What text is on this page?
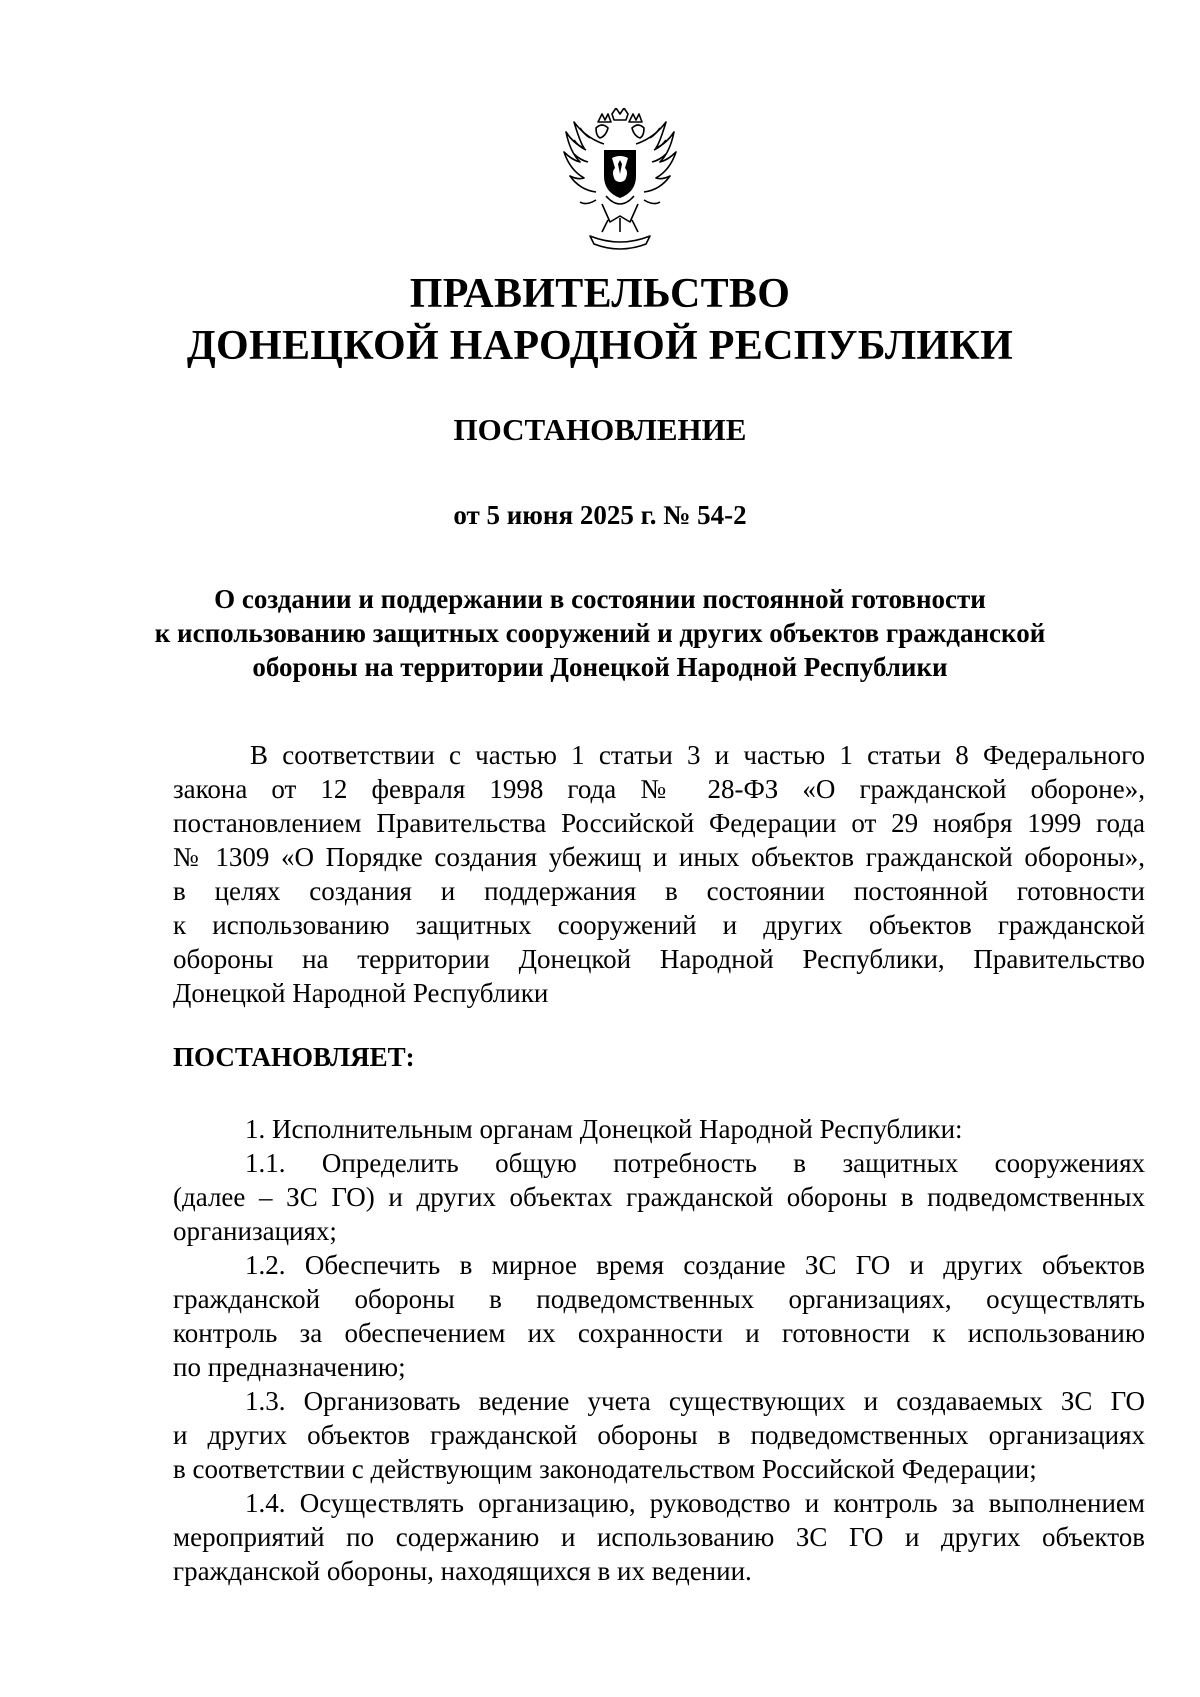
ПРАВИТЕЛЬСТВО
ДОНЕЦКОЙ НАРОДНОЙ РЕСПУБЛИКИ
ПОСТАНОВЛЕНИЕ
от 5 июня 2025 г. № 54-2
О создании и поддержании в состоянии постоянной готовности
к использованию защитных сооружений и других объектов гражданской
обороны на территории Донецкой Народной Республики
В соответствии с частью 1 статьи 3 и частью 1 статьи 8 Федерального
закона от 12 февраля 1998 года № 28-ФЗ «О гражданской обороне»,
постановлением Правительства Российской Федерации от 29 ноября 1999 года
№ 1309 «О Порядке создания убежищ и иных объектов гражданской обороны»,
в целях создания и поддержания в состоянии постоянной готовности
к использованию защитных сооружений и других объектов гражданской
обороны на территории Донецкой Народной Республики, Правительство
Донецкой Народной Республики
ПОСТАНОВЛЯЕТ:
1. Исполнительным органам Донецкой Народной Республики:
1.1. Определить общую потребность в защитных сооружениях
(далее – ЗС ГО) и других объектах гражданской обороны в подведомственных
организациях;
1.2. Обеспечить в мирное время создание ЗС ГО и других объектов
гражданской обороны в подведомственных организациях, осуществлять
контроль за обеспечением их сохранности и готовности к использованию
по предназначению;
1.3. Организовать ведение учета существующих и создаваемых ЗС ГО
и других объектов гражданской обороны в подведомственных организациях
в соответствии с действующим законодательством Российской Федерации;
1.4. Осуществлять организацию, руководство и контроль за выполнением
мероприятий по содержанию и использованию ЗС ГО и других объектов
гражданской обороны, находящихся в их ведении.
